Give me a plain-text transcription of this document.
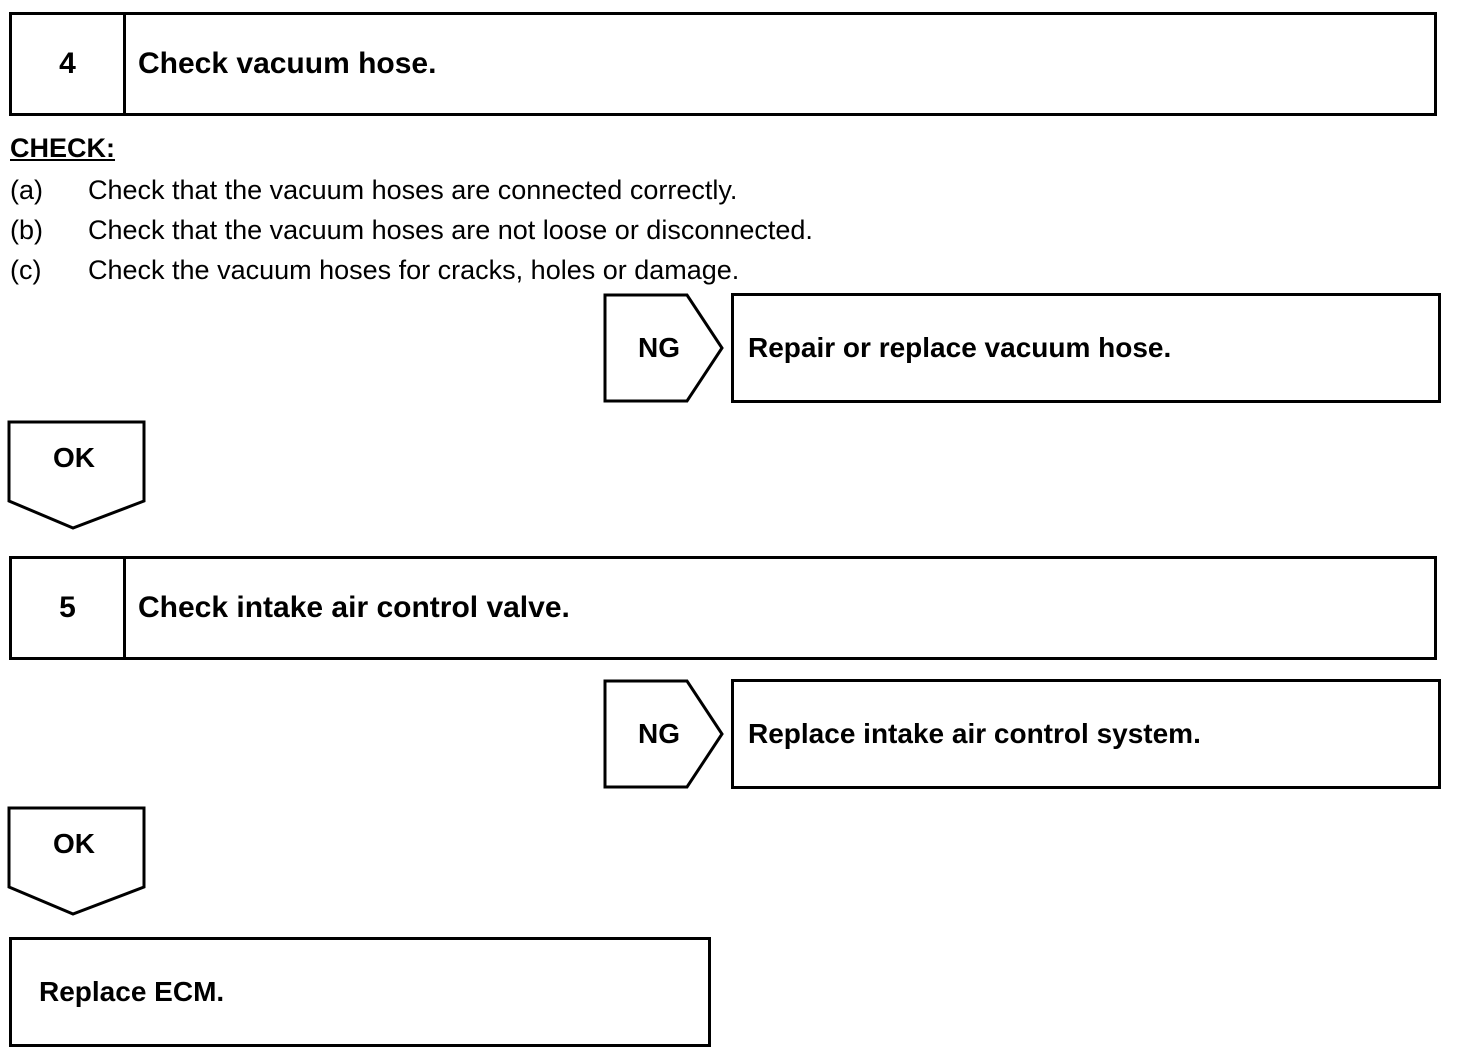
4	Check vacuum hose.
CHECK:
(a) Check that the vacuum hoses are connected correctly.
(b) Check that the vacuum hoses are not loose or disconnected.
(c) Check the vacuum hoses for cracks, holes or damage.
NG	Repair or replace vacuum hose.
OK
5	Check intake air control valve.
NG	Replace intake air control system.
OK
Replace ECM.
